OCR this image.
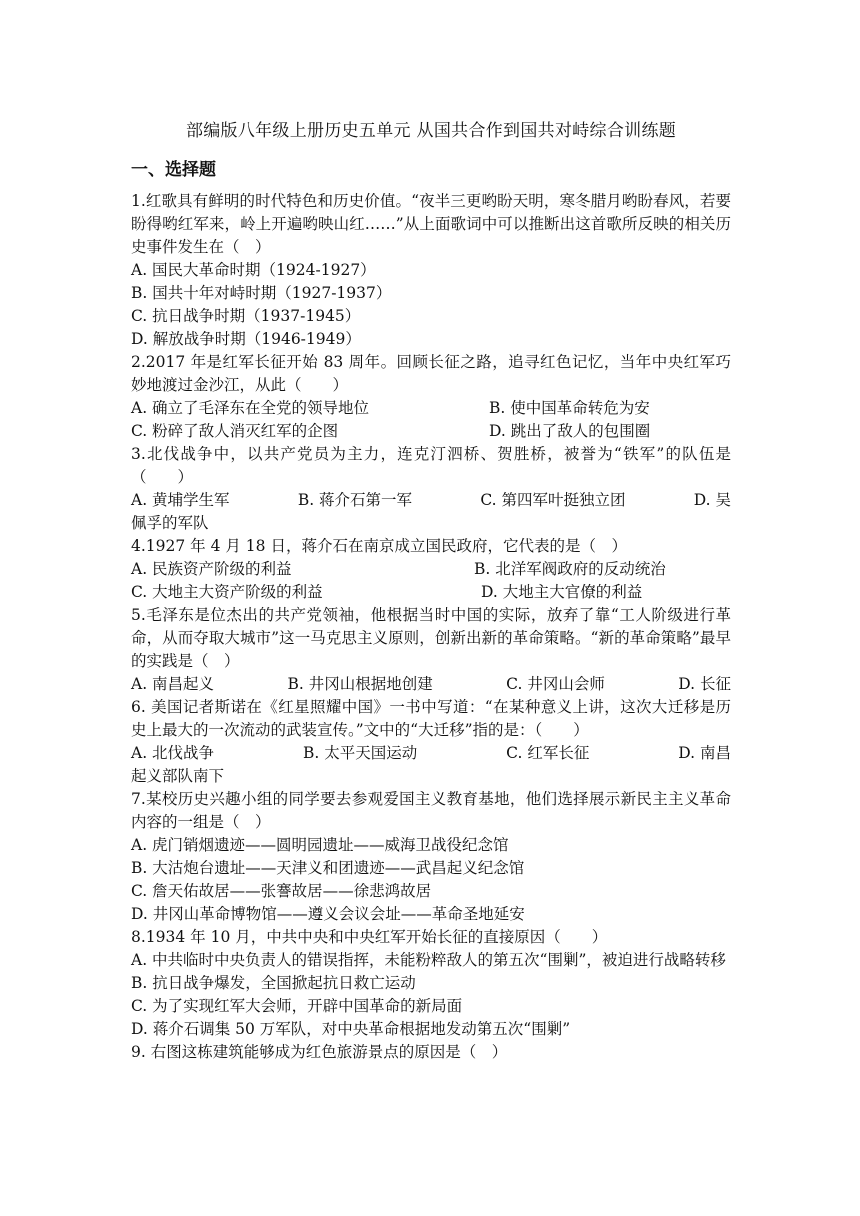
部编版八年级上册历史五单元 从国共合作到国共对峙综合训练题
一、选择题
1.红歌具有鲜明的时代特色和历史价值。“夜半三更哟盼天明，寒冬腊月哟盼春风，若要盼得哟红军来，岭上开遍哟映山红……”从上面歌词中可以推断出这首歌所反映的相关历史事件发生在（　）
A. 国民大革命时期（1924-1927）
B. 国共十年对峙时期（1927-1937）
C. 抗日战争时期（1937-1945）
D. 解放战争时期（1946-1949）
2.2017 年是红军长征开始 83 周年。回顾长征之路，追寻红色记忆，当年中央红军巧妙地渡过金沙江，从此（　　）
A. 确立了毛泽东在全党的领导地位	B. 使中国革命转危为安
C. 粉碎了敌人消灭红军的企图	D. 跳出了敌人的包围圈
3.北伐战争中，以共产党员为主力，连克汀泗桥、贺胜桥，被誉为“铁军”的队伍是（　　）
A. 黄埔学生军	B. 蒋介石第一军	C. 第四军叶挺独立团	D. 吴
佩孚的军队
4.1927 年 4 月 18 日，蒋介石在南京成立国民政府，它代表的是（　）
A. 民族资产阶级的利益	B. 北洋军阀政府的反动统治
C. 大地主大资产阶级的利益	D. 大地主大官僚的利益
5.毛泽东是位杰出的共产党领袖，他根据当时中国的实际，放弃了靠“工人阶级进行革命，从而夺取大城市”这一马克思主义原则，创新出新的革命策略。“新的革命策略”最早的实践是（　）
A. 南昌起义	B. 井冈山根据地创建	C. 井冈山会师	D. 长征
6. 美国记者斯诺在《红星照耀中国》一书中写道：“在某种意义上讲，这次大迁移是历史上最大的一次流动的武装宣传。”文中的“大迁移”指的是：（　　）
A. 北伐战争	B. 太平天国运动	C. 红军长征	D. 南昌
起义部队南下
7.某校历史兴趣小组的同学要去参观爱国主义教育基地，他们选择展示新民主主义革命内容的一组是（　）
A. 虎门销烟遗迹——圆明园遗址——威海卫战役纪念馆
B. 大沽炮台遗址——天津义和团遗迹——武昌起义纪念馆
C. 詹天佑故居——张謇故居——徐悲鸿故居
D. 井冈山革命博物馆——遵义会议会址——革命圣地延安
8.1934 年 10 月，中共中央和中央红军开始长征的直接原因（　　）
A. 中共临时中央负责人的错误指挥，未能粉粹敌人的第五次“围剿”，被迫进行战略转移
B. 抗日战争爆发，全国掀起抗日救亡运动
C. 为了实现红军大会师，开辟中国革命的新局面
D. 蒋介石调集 50 万军队，对中央革命根据地发动第五次“围剿”
9. 右图这栋建筑能够成为红色旅游景点的原因是（　）
